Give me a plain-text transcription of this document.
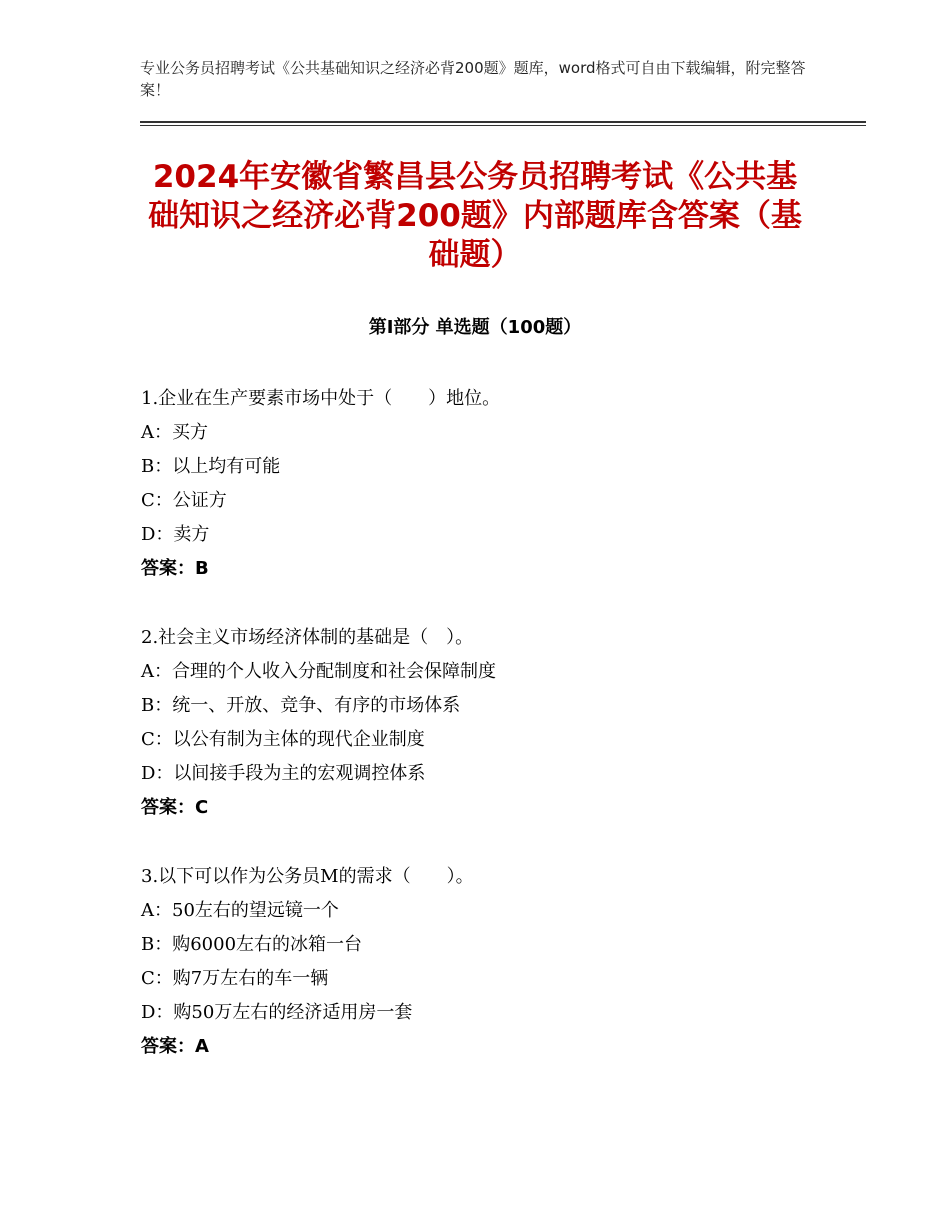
专业公务员招聘考试《公共基础知识之经济必背200题》题库，word格式可自由下载编辑，附完整答案！
2024年安徽省繁昌县公务员招聘考试《公共基础知识之经济必背200题》内部题库含答案（基础题）
第Ⅰ部分 单选题（100题）
1.企业在生产要素市场中处于（　　）地位。
A：买方
B：以上均有可能
C：公证方
D：卖方
答案：B
2.社会主义市场经济体制的基础是（　）。
A：合理的个人收入分配制度和社会保障制度
B：统一、开放、竞争、有序的市场体系
C：以公有制为主体的现代企业制度
D：以间接手段为主的宏观调控体系
答案：C
3.以下可以作为公务员M的需求（　　）。
A：50左右的望远镜一个
B：购6000左右的冰箱一台
C：购7万左右的车一辆
D：购50万左右的经济适用房一套
答案：A
